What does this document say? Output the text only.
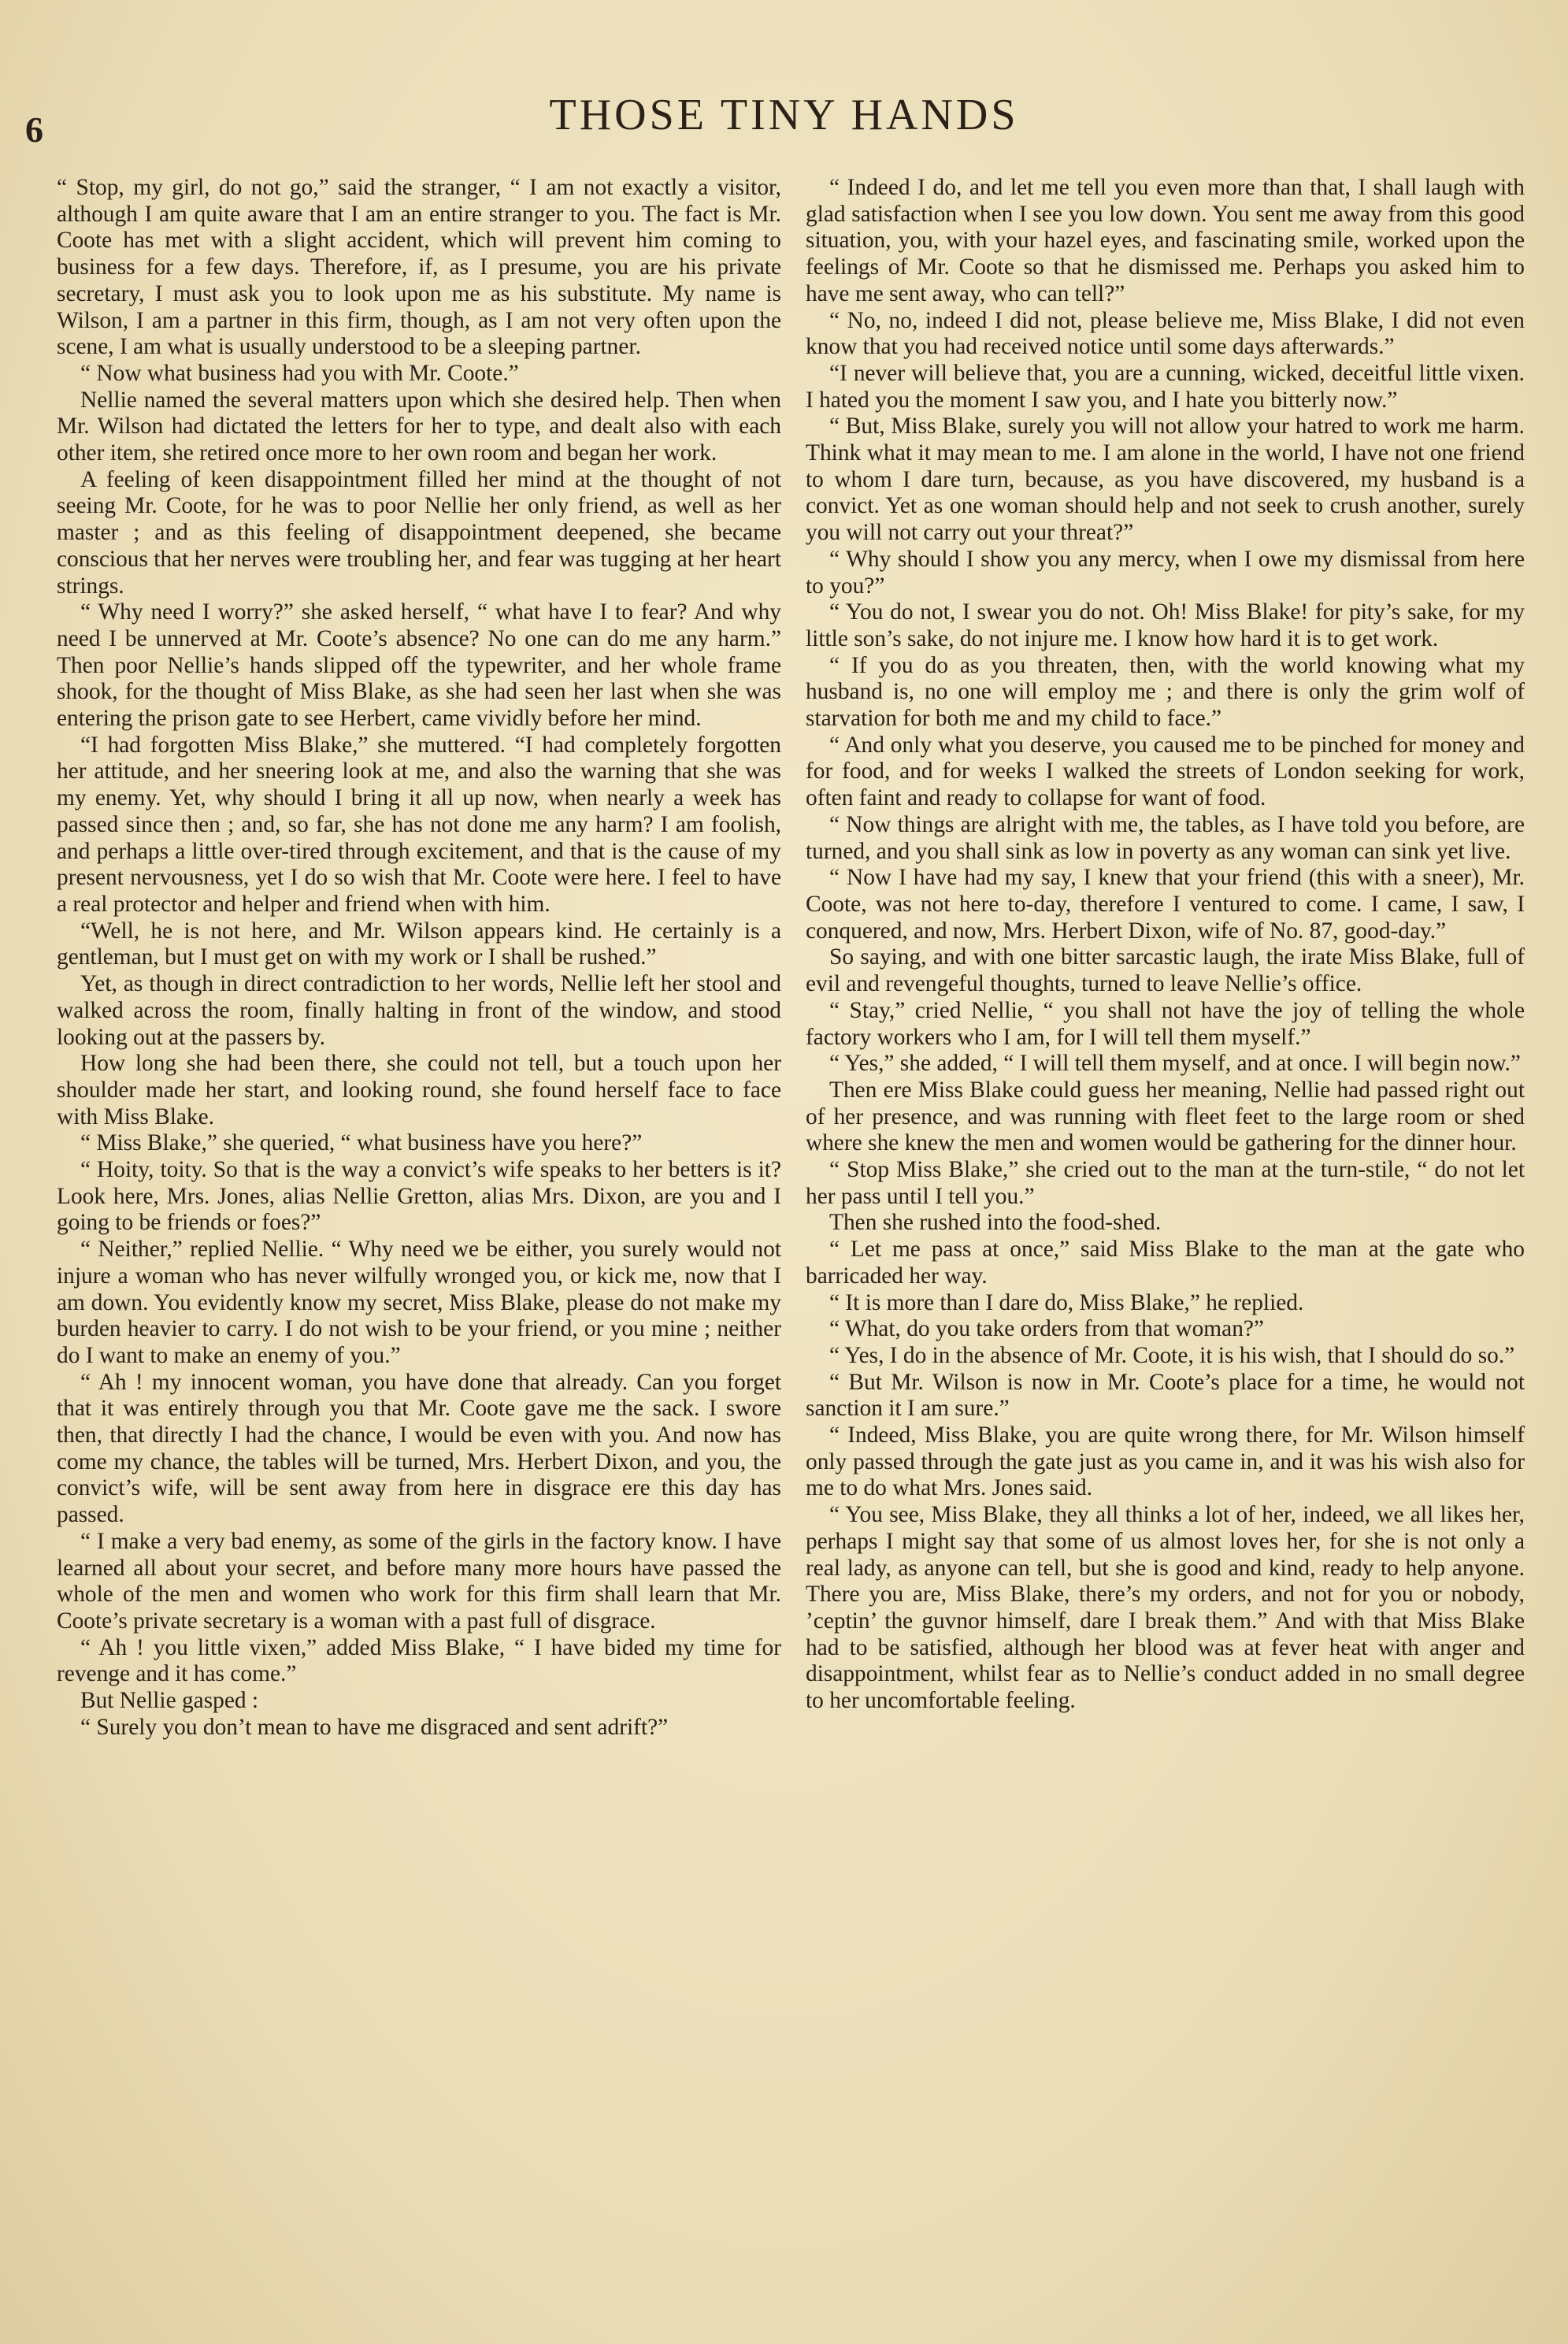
6	THOSE TINY HANDS

“ Stop, my girl, do not go,” said the stranger, “ I am not exactly a visitor, although I am quite aware that I am an entire stranger to you. The fact is Mr. Coote has met with a slight accident, which will prevent him coming to business for a few days. Therefore, if, as I presume, you are his private secretary, I must ask you to look upon me as his substitute. My name is Wilson, I am a partner in this firm, though, as I am not very often upon the scene, I am what is usually understood to be a sleeping partner.

“ Now what business had you with Mr. Coote.”

Nellie named the several matters upon which she desired help. Then when Mr. Wilson had dictated the letters for her to type, and dealt also with each other item, she retired once more to her own room and began her work.

A feeling of keen disappointment filled her mind at the thought of not seeing Mr. Coote, for he was to poor Nellie her only friend, as well as her master ; and as this feeling of disappointment deepened, she became conscious that her nerves were troubling her, and fear was tugging at her heart strings.

“ Why need I worry?” she asked herself, “ what have I to fear? And why need I be unnerved at Mr. Coote’s absence? No one can do me any harm.” Then poor Nellie’s hands slipped off the typewriter, and her whole frame shook, for the thought of Miss Blake, as she had seen her last when she was entering the prison gate to see Herbert, came vividly before her mind.

“I had forgotten Miss Blake,” she muttered. “I had completely forgotten her attitude, and her sneering look at me, and also the warning that she was my enemy. Yet, why should I bring it all up now, when nearly a week has passed since then ; and, so far, she has not done me any harm? I am foolish, and perhaps a little over-tired through excitement, and that is the cause of my present nervousness, yet I do so wish that Mr. Coote were here. I feel to have a real protector and helper and friend when with him.

“Well, he is not here, and Mr. Wilson appears kind. He certainly is a gentleman, but I must get on with my work or I shall be rushed.”

Yet, as though in direct contradiction to her words, Nellie left her stool and walked across the room, finally halting in front of the window, and stood looking out at the passers by.

How long she had been there, she could not tell, but a touch upon her shoulder made her start, and looking round, she found herself face to face with Miss Blake.

“ Miss Blake,” she queried, “ what business have you here?”

“ Hoity, toity. So that is the way a convict’s wife speaks to her betters is it? Look here, Mrs. Jones, alias Nellie Gretton, alias Mrs. Dixon, are you and I going to be friends or foes?”

“ Neither,” replied Nellie. “ Why need we be either, you surely would not injure a woman who has never wilfully wronged you, or kick me, now that I am down. You evidently know my secret, Miss Blake, please do not make my burden heavier to carry. I do not wish to be your friend, or you mine ; neither do I want to make an enemy of you.”

“ Ah ! my innocent woman, you have done that already. Can you forget that it was entirely through you that Mr. Coote gave me the sack. I swore then, that directly I had the chance, I would be even with you. And now has come my chance, the tables will be turned, Mrs. Herbert Dixon, and you, the convict’s wife, will be sent away from here in disgrace ere this day has passed.

“ I make a very bad enemy, as some of the girls in the factory know. I have learned all about your secret, and before many more hours have passed the whole of the men and women who work for this firm shall learn that Mr. Coote’s private secretary is a woman with a past full of disgrace.

“ Ah ! you little vixen,” added Miss Blake, “ I have bided my time for revenge and it has come.”

But Nellie gasped :

“ Surely you don’t mean to have me disgraced and sent adrift?”

“ Indeed I do, and let me tell you even more than that, I shall laugh with glad satisfaction when I see you low down. You sent me away from this good situation, you, with your hazel eyes, and fascinating smile, worked upon the feelings of Mr. Coote so that he dismissed me. Perhaps you asked him to have me sent away, who can tell?”

“ No, no, indeed I did not, please believe me, Miss Blake, I did not even know that you had received notice until some days afterwards.”

“I never will believe that, you are a cunning, wicked, deceitful little vixen. I hated you the moment I saw you, and I hate you bitterly now.”

“ But, Miss Blake, surely you will not allow your hatred to work me harm. Think what it may mean to me. I am alone in the world, I have not one friend to whom I dare turn, because, as you have discovered, my husband is a convict. Yet as one woman should help and not seek to crush another, surely you will not carry out your threat?”

“ Why should I show you any mercy, when I owe my dismissal from here to you?”

“ You do not, I swear you do not. Oh! Miss Blake! for pity’s sake, for my little son’s sake, do not injure me. I know how hard it is to get work.

“ If you do as you threaten, then, with the world knowing what my husband is, no one will employ me ; and there is only the grim wolf of starvation for both me and my child to face.”

“ And only what you deserve, you caused me to be pinched for money and for food, and for weeks I walked the streets of London seeking for work, often faint and ready to collapse for want of food.

“ Now things are alright with me, the tables, as I have told you before, are turned, and you shall sink as low in poverty as any woman can sink yet live.

“ Now I have had my say, I knew that your friend (this with a sneer), Mr. Coote, was not here to-day, therefore I ventured to come. I came, I saw, I conquered, and now, Mrs. Herbert Dixon, wife of No. 87, good-day.”

So saying, and with one bitter sarcastic laugh, the irate Miss Blake, full of evil and revengeful thoughts, turned to leave Nellie’s office.

“ Stay,” cried Nellie, “ you shall not have the joy of telling the whole factory workers who I am, for I will tell them myself.”

“ Yes,” she added, “ I will tell them myself, and at once. I will begin now.”

Then ere Miss Blake could guess her meaning, Nellie had passed right out of her presence, and was running with fleet feet to the large room or shed where she knew the men and women would be gathering for the dinner hour.

“ Stop Miss Blake,” she cried out to the man at the turn-stile, “ do not let her pass until I tell you.”

Then she rushed into the food-shed.

“ Let me pass at once,” said Miss Blake to the man at the gate who barricaded her way.

“ It is more than I dare do, Miss Blake,” he replied.

“ What, do you take orders from that woman?”

“ Yes, I do in the absence of Mr. Coote, it is his wish, that I should do so.”

“ But Mr. Wilson is now in Mr. Coote’s place for a time, he would not sanction it I am sure.”

“ Indeed, Miss Blake, you are quite wrong there, for Mr. Wilson himself only passed through the gate just as you came in, and it was his wish also for me to do what Mrs. Jones said.

“ You see, Miss Blake, they all thinks a lot of her, indeed, we all likes her, perhaps I might say that some of us almost loves her, for she is not only a real lady, as anyone can tell, but she is good and kind, ready to help anyone. There you are, Miss Blake, there’s my orders, and not for you or nobody, ’ceptin’ the guvnor himself, dare I break them.” And with that Miss Blake had to be satisfied, although her blood was at fever heat with anger and disappointment, whilst fear as to Nellie’s conduct added in no small degree to her uncomfortable feeling.
